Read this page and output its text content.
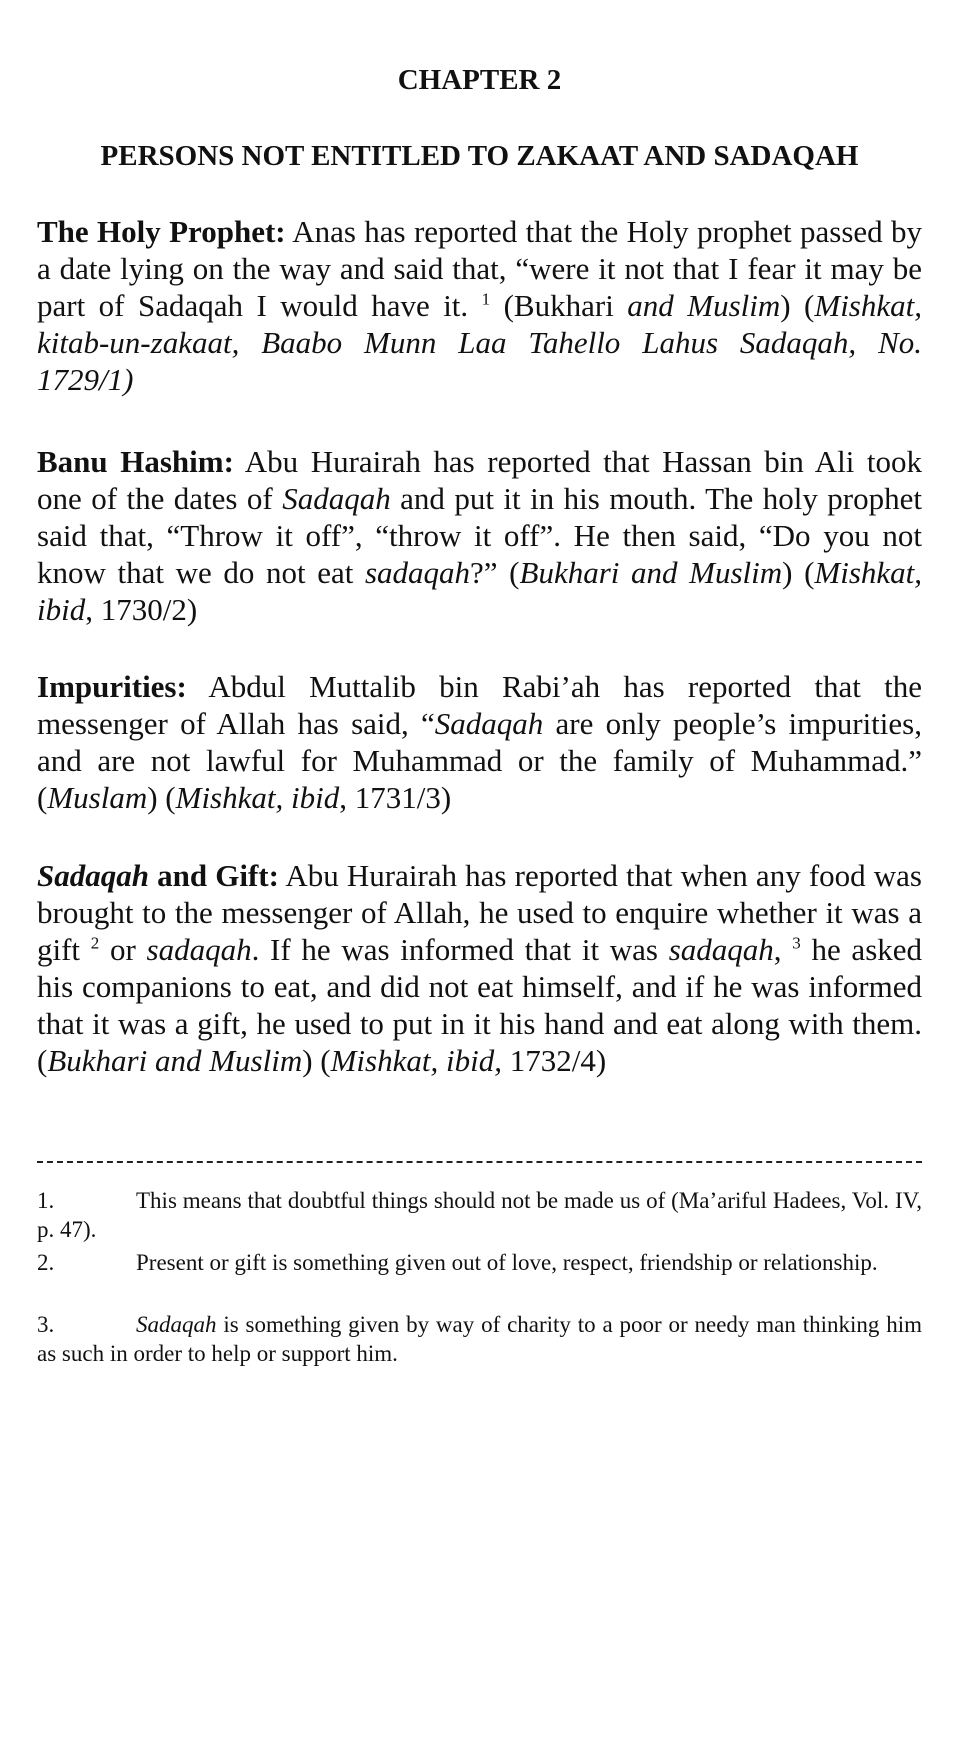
CHAPTER 2
PERSONS NOT ENTITLED TO ZAKAAT AND SADAQAH

The Holy Prophet: Anas has reported that the Holy prophet passed by a date lying on the way and said that, “were it not that I fear it may be part of Sadaqah I would have it. $^1$ (Bukhari and Muslim) (Mishkat, kitab-un-zakaat, Baabo Munn Laa Tahello Lahus Sadaqah, No. 1729/1)

Banu Hashim: Abu Hurairah has reported that Hassan bin Ali took one of the dates of Sadaqah and put it in his mouth. The holy prophet said that, “Throw it off”, “throw it off”. He then said, “Do you not know that we do not eat sadaqah?” (Bukhari and Muslim) (Mishkat, ibid, 1730/2)

Impurities: Abdul Muttalib bin Rabi’ah has reported that the messenger of Allah has said, “Sadaqah are only people’s impurities, and are not lawful for Muhammad or the family of Muhammad.” (Muslam) (Mishkat, ibid, 1731/3)

Sadaqah and Gift: Abu Hurairah has reported that when any food was brought to the messenger of Allah, he used to enquire whether it was a gift $^2$ or sadaqah. If he was informed that it was sadaqah, $^3$ he asked his companions to eat, and did not eat himself, and if he was informed that it was a gift, he used to put in it his hand and eat along with them. (Bukhari and Muslim) (Mishkat, ibid, 1732/4)

1.	This means that doubtful things should not be made us of (Ma’ariful Hadees, Vol. IV, p. 47).

2.	Present or gift is something given out of love, respect, friendship or relationship.

3.	Sadaqah is something given by way of charity to a poor or needy man thinking him as such in order to help or support him.
